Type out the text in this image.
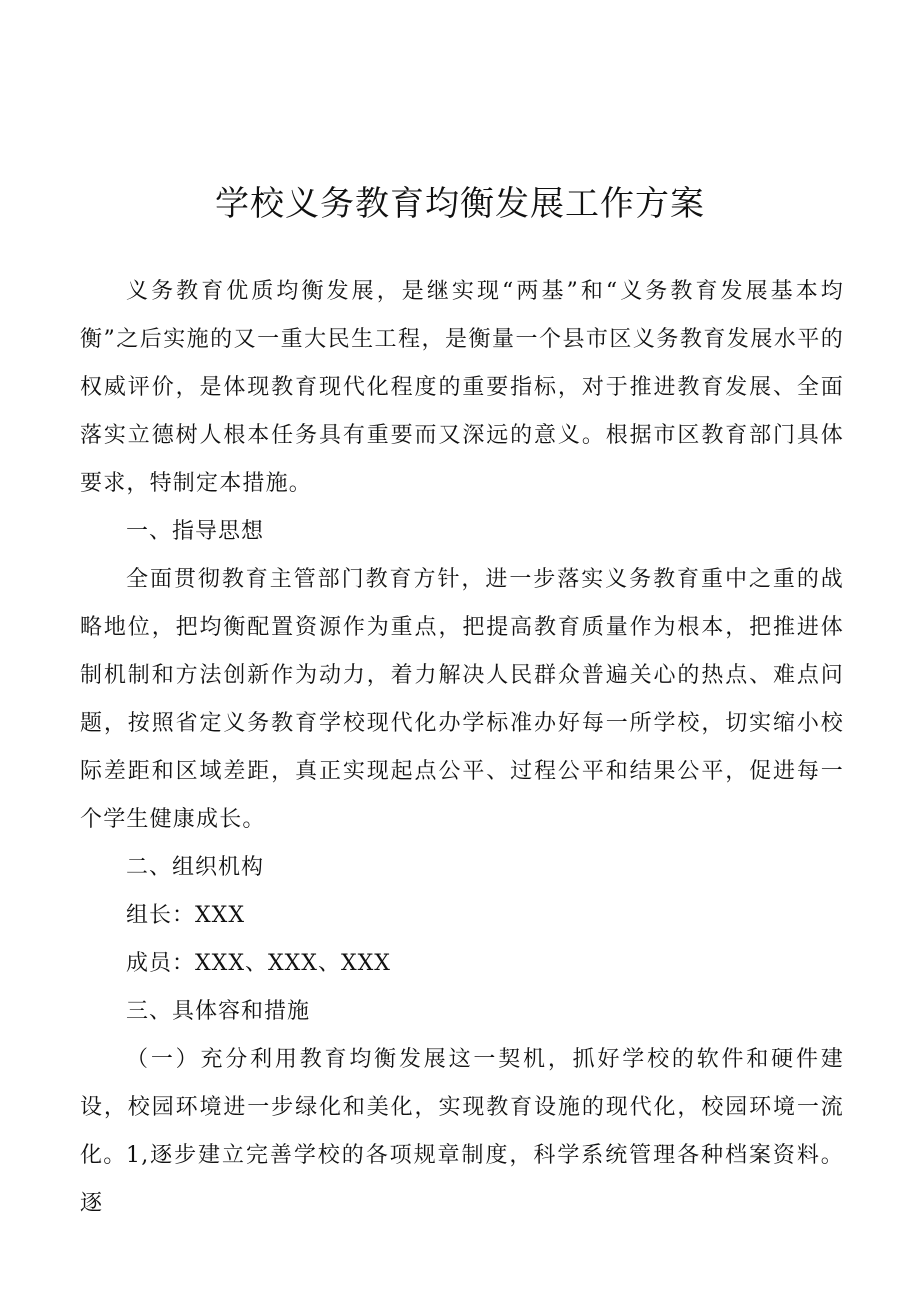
学校义务教育均衡发展工作方案
义务教育优质均衡发展，是继实现“两基”和“义务教育发展基本均衡”之后实施的又一重大民生工程，是衡量一个县市区义务教育发展水平的权威评价，是体现教育现代化程度的重要指标，对于推进教育发展、全面落实立德树人根本任务具有重要而又深远的意义。根据市区教育部门具体要求，特制定本措施。
一、指导思想
全面贯彻教育主管部门教育方针，进一步落实义务教育重中之重的战略地位，把均衡配置资源作为重点，把提高教育质量作为根本，把推进体制机制和方法创新作为动力，着力解决人民群众普遍关心的热点、难点问题，按照省定义务教育学校现代化办学标准办好每一所学校，切实缩小校际差距和区域差距，真正实现起点公平、过程公平和结果公平，促进每一个学生健康成长。
二、组织机构
组长：XXX
成员：XXX、XXX、XXX
三、具体容和措施
（一）充分利用教育均衡发展这一契机，抓好学校的软件和硬件建设，校园环境进一步绿化和美化，实现教育设施的现代化，校园环境一流化。 1,逐步建立完善学校的各项规章制度，科学系统管理各种档案资料。逐
